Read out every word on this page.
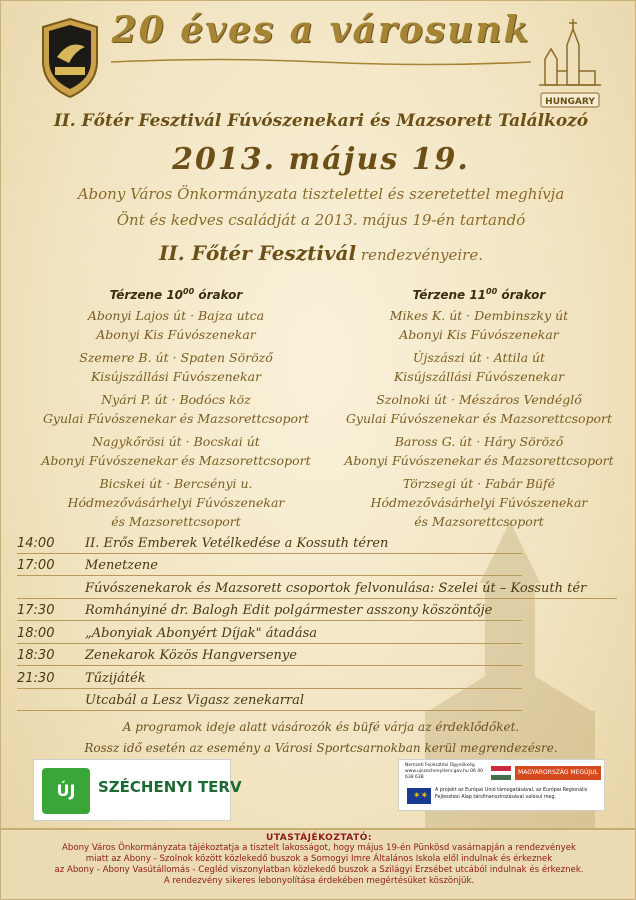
HUNGARY
20 éves a városunk
II. Főtér Fesztivál Fúvószenekari és Mazsorett Találkozó
2013. május 19.
Abony Város Önkormányzata tisztelettel és szeretettel meghívja
Önt és kedves családját a 2013. május 19-én tartandó
II. Főtér Fesztivál rendezvényeire.
Térzene $10^{00}$ órakor
Abonyi Lajos út · Bajza utca
Abonyi Kis Fúvószenekar
Szemere B. út · Spaten Söröző
Kisújszállási Fúvószenekar
Nyári P. út · Bodócs köz
Gyulai Fúvószenekar és Mazsorettcsoport
Nagykőrösi út · Bocskai út
Abonyi Fúvószenekar és Mazsorettcsoport
Bicskei út · Bercsényi u.
Hódmezővásárhelyi Fúvószenekar
és Mazsorettcsoport
Térzene $11^{00}$ órakor
Mikes K. út · Dembinszky út
Abonyi Kis Fúvószenekar
Újszászi út · Attila út
Kisújszállási Fúvószenekar
Szolnoki út · Mészáros Vendéglő
Gyulai Fúvószenekar és Mazsorettcsoport
Baross G. út · Háry Söröző
Abonyi Fúvószenekar és Mazsorettcsoport
Törzsegi út · Fabár Büfé
Hódmezővásárhelyi Fúvószenekar
és Mazsorettcsoport
14:00	II. Erős Emberek Vetélkedése a Kossuth téren
17:00	Menetzene
Fúvószenekarok és Mazsorett csoportok felvonulása: Szelei út – Kossuth tér
17:30	Romhányiné dr. Balogh Edit polgármester asszony köszöntője
18:00	„Abonyiak Abonyért Díjak" átadása
18:30	Zenekarok Közös Hangversenye
21:30	Tűzijáték
Utcabál a Lesz Vigasz zenekarral
A programok ideje alatt vásározók és büfé várja az érdeklődőket.
Rossz idő esetén az esemény a Városi Sportcsarnokban kerül megrendezésre.
ÚJ	SZÉCHENYI TERV
Nemzeti Fejlesztési Ügynökség www.ujszechenyiterv.gov.hu 06 40 638 638
MAGYARORSZÁG MEGÚJUL
✶✶
A projekt az Európai Unió támogatásával, az Európai Regionális Fejlesztési Alap társfinanszírozásával valósul meg.
UTASTÁJÉKOZTATÓ:
Abony Város Önkormányzata tájékoztatja a tisztelt lakosságot, hogy május 19-én Pünkösd vasárnapján a rendezvények
miatt az Abony - Szolnok között közlekedő buszok a Somogyi Imre Általános Iskola elől indulnak és érkeznek
az Abony - Abony Vasútállomás - Cegléd viszonylatban közlekedő buszok a Szilágyi Erzsébet utcából indulnak és érkeznek.
A rendezvény sikeres lebonyolítása érdekében megértésüket köszönjük.
